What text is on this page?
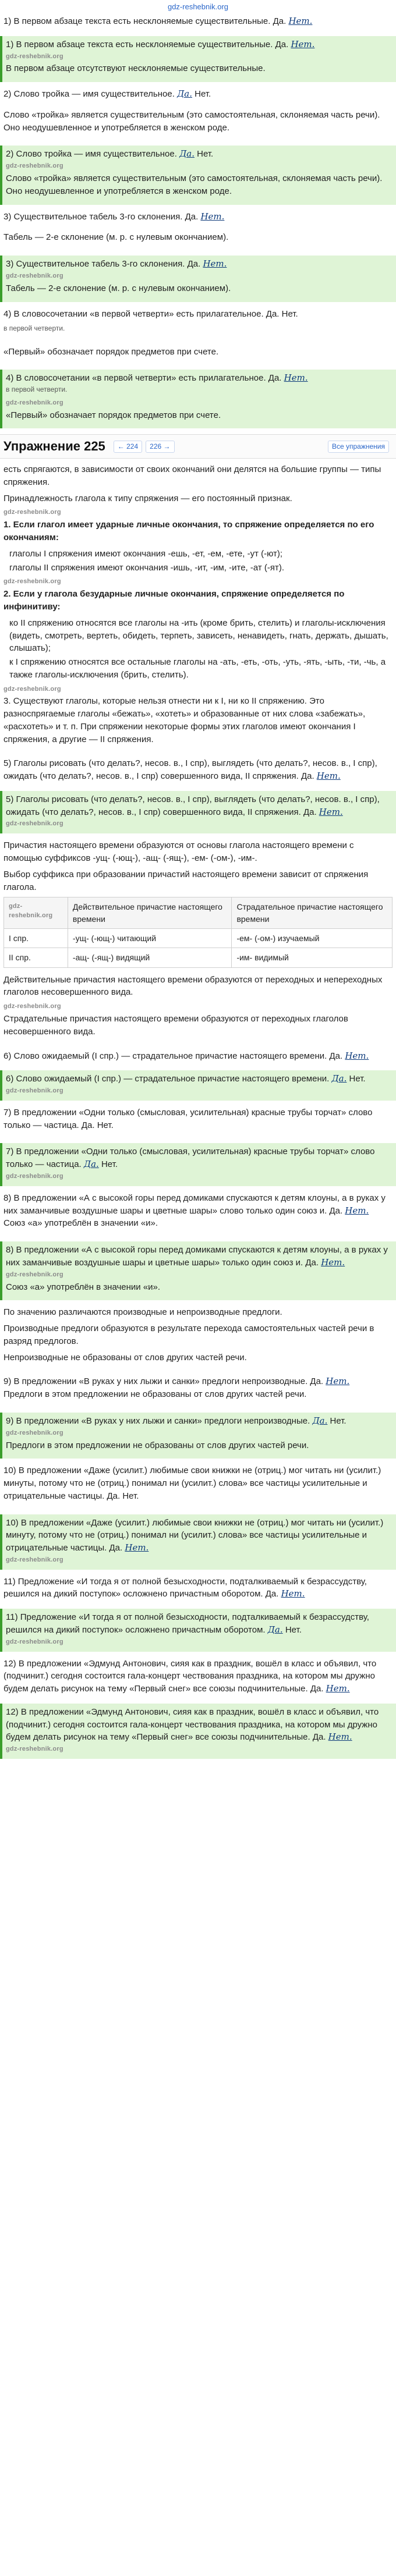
gdz-reshebnik.org
1) В первом абзаце текста есть несклоняемые существительные. Да. Нет.
1) В первом абзаце текста есть несклоняемые существительные. Да. Нет.
gdz-reshebnik.org

В первом абзаце отсутствуют несклоняемые существительные.

2) Слово тройка — имя существительное. Да. Нет.

Слово «тройка» является существительным (это самостоятельная, склоняемая часть речи). Оно неодушевленное и употребляется в женском роде.

2) Слово тройка — имя существительное. Да. Нет.
gdz-reshebnik.org

Слово «тройка» является существительным (это самостоятельная, склоняемая часть речи). Оно неодушевленное и употребляется в женском роде.

3) Существительное табель 3-го склонения. Да. Нет.

Табель — 2-е склонение (м. р. с нулевым окончанием).

3) Существительное табель 3-го склонения. Да. Нет.
gdz-reshebnik.org

Табель — 2-е склонение (м. р. с нулевым окончанием).

4) В словосочетании «в первой четверти» есть прилагательное. Да. Нет.

в первой четверти.

«Первый» обозначает порядок предметов при счете.

4) В словосочетании «в первой четверти» есть прилагательное. Да. Нет.

в первой четверти.

gdz-reshebnik.org

«Первый» обозначает порядок предметов при счете.

Упражнение 225	← 224	226 →	Все упражнения

есть спрягаются, в зависимости от своих окончаний они делятся на большие группы — типы спряжения.

Принадлежность глагола к типу спряжения — его постоянный признак.

gdz-reshebnik.org

1. Если глагол имеет ударные личные окончания, то спряжение определяется по его окончаниям:

глаголы I спряжения имеют окончания -ешь, -ет, -ем, -ете, -ут (-ют);
глаголы II спряжения имеют окончания -ишь, -ит, -им, -ите, -ат (-ят).
gdz-reshebnik.org

2. Если у глагола безударные личные окончания, спряжение определяется по инфинитиву:

ко II спряжению относятся все глаголы на -ить (кроме брить, стелить) и глаголы-исключения (видеть, смотреть, вертеть, обидеть, терпеть, зависеть, ненавидеть, гнать, держать, дышать, слышать);
к I спряжению относятся все остальные глаголы на -ать, -еть, -оть, -уть, -ять, -ыть, -ти, -чь, а также глаголы-исключения (брить, стелить).
gdz-reshebnik.org

3. Существуют глаголы, которые нельзя отнести ни к I, ни ко II спряжению. Это разноспрягаемые глаголы «бежать», «хотеть» и образованные от них слова «забежать», «расхотеть» и т. п. При спряжении некоторые формы этих глаголов имеют окончания I спряжения, а другие — II спряжения.

5) Глаголы рисовать (что делать?, несов. в., I спр), выглядеть (что делать?, несов. в., I спр), ожидать (что делать?, несов. в., I спр) совершенного вида, II спряжения. Да. Нет.
5) Глаголы рисовать (что делать?, несов. в., I спр), выглядеть (что делать?, несов. в., I спр), ожидать (что делать?, несов. в., I спр) совершенного вида, II спряжения. Да. Нет.
gdz-reshebnik.org

Причастия настоящего времени образуются от основы глагола настоящего времени с помощью суффиксов -ущ- (-ющ-), -ащ- (-ящ-), -ем- (-ом-), -им-.

Выбор суффикса при образовании причастий настоящего времени зависит от спряжения глагола.

gdz-reshebnik.org	Действительное причастие настоящего времени	Страдательное причастие настоящего времени
I спр.	-ущ- (-ющ-) читающий	-ем- (-ом-) изучаемый
II спр.	-ащ- (-ящ-) видящий	-им- видимый

Действительные причастия настоящего времени образуются от переходных и непереходных глаголов несовершенного вида.

gdz-reshebnik.org

Страдательные причастия настоящего времени образуются от переходных глаголов несовершенного вида.

6) Слово ожидаемый (I спр.) — страдательное причастие настоящего времени. Да. Нет.
6) Слово ожидаемый (I спр.) — страдательное причастие настоящего времени. Да. Нет.
gdz-reshebnik.org

7) В предложении «Одни только (смысловая, усилительная) красные трубы торчат» слово только — частица. Да. Нет.

7) В предложении «Одни только (смысловая, усилительная) красные трубы торчат» слово только — частица. Да. Нет.
gdz-reshebnik.org
8) В предложении «А с высокой горы перед домиками спускаются к детям клоуны, а в руках у них заманчивые воздушные шары и цветные шары» слово только один союз и. Да. Нет.

Союз «а» употреблён в значении «и».

8) В предложении «А с высокой горы перед домиками спускаются к детям клоуны, а в руках у них заманчивые воздушные шары и цветные шары» только один союз и. Да. Нет.
gdz-reshebnik.org

Союз «а» употреблён в значении «и».

По значению различаются производные и непроизводные предлоги.

Производные предлоги образуются в результате перехода самостоятельных частей речи в разряд предлогов.

Непроизводные не образованы от слов других частей речи.

9) В предложении «В руках у них лыжи и санки» предлоги непроизводные. Да. Нет.

Предлоги в этом предложении не образованы от слов других частей речи.

9) В предложении «В руках у них лыжи и санки» предлоги непроизводные. Да. Нет.
gdz-reshebnik.org

Предлоги в этом предложении не образованы от слов других частей речи.

10) В предложении «Даже (усилит.) любимые свои книжки не (отриц.) мог читать ни (усилит.) минуты, потому что не (отриц.) понимал ни (усилит.) слова» все частицы усилительные и отрицательные частицы. Да. Нет.

10) В предложении «Даже (усилит.) любимые свои книжки не (отриц.) мог читать ни (усилит.) минуту, потому что не (отриц.) понимал ни (усилит.) слова» все частицы усилительные и отрицательные частицы. Да. Нет.
gdz-reshebnik.org
11) Предложение «И тогда я от полной безысходности, подталкиваемый к безрассудству, решился на дикий поступок» осложнено причастным оборотом. Да. Нет.
11) Предложение «И тогда я от полной безысходности, подталкиваемый к безрассудству, решился на дикий поступок» осложнено причастным оборотом. Да. Нет.
gdz-reshebnik.org
12) В предложении «Эдмунд Антонович, сияя как в праздник, вошёл в класс и объявил, что (подчинит.) сегодня состоится гала-концерт чествования праздника, на котором мы дружно будем делать рисунок на тему «Первый снег» все союзы подчинительные. Да. Нет.
12) В предложении «Эдмунд Антонович, сияя как в праздник, вошёл в класс и объявил, что (подчинит.) сегодня состоится гала-концерт чествования праздника, на котором мы дружно будем делать рисунок на тему «Первый снег» все союзы подчинительные. Да. Нет.
gdz-reshebnik.org
